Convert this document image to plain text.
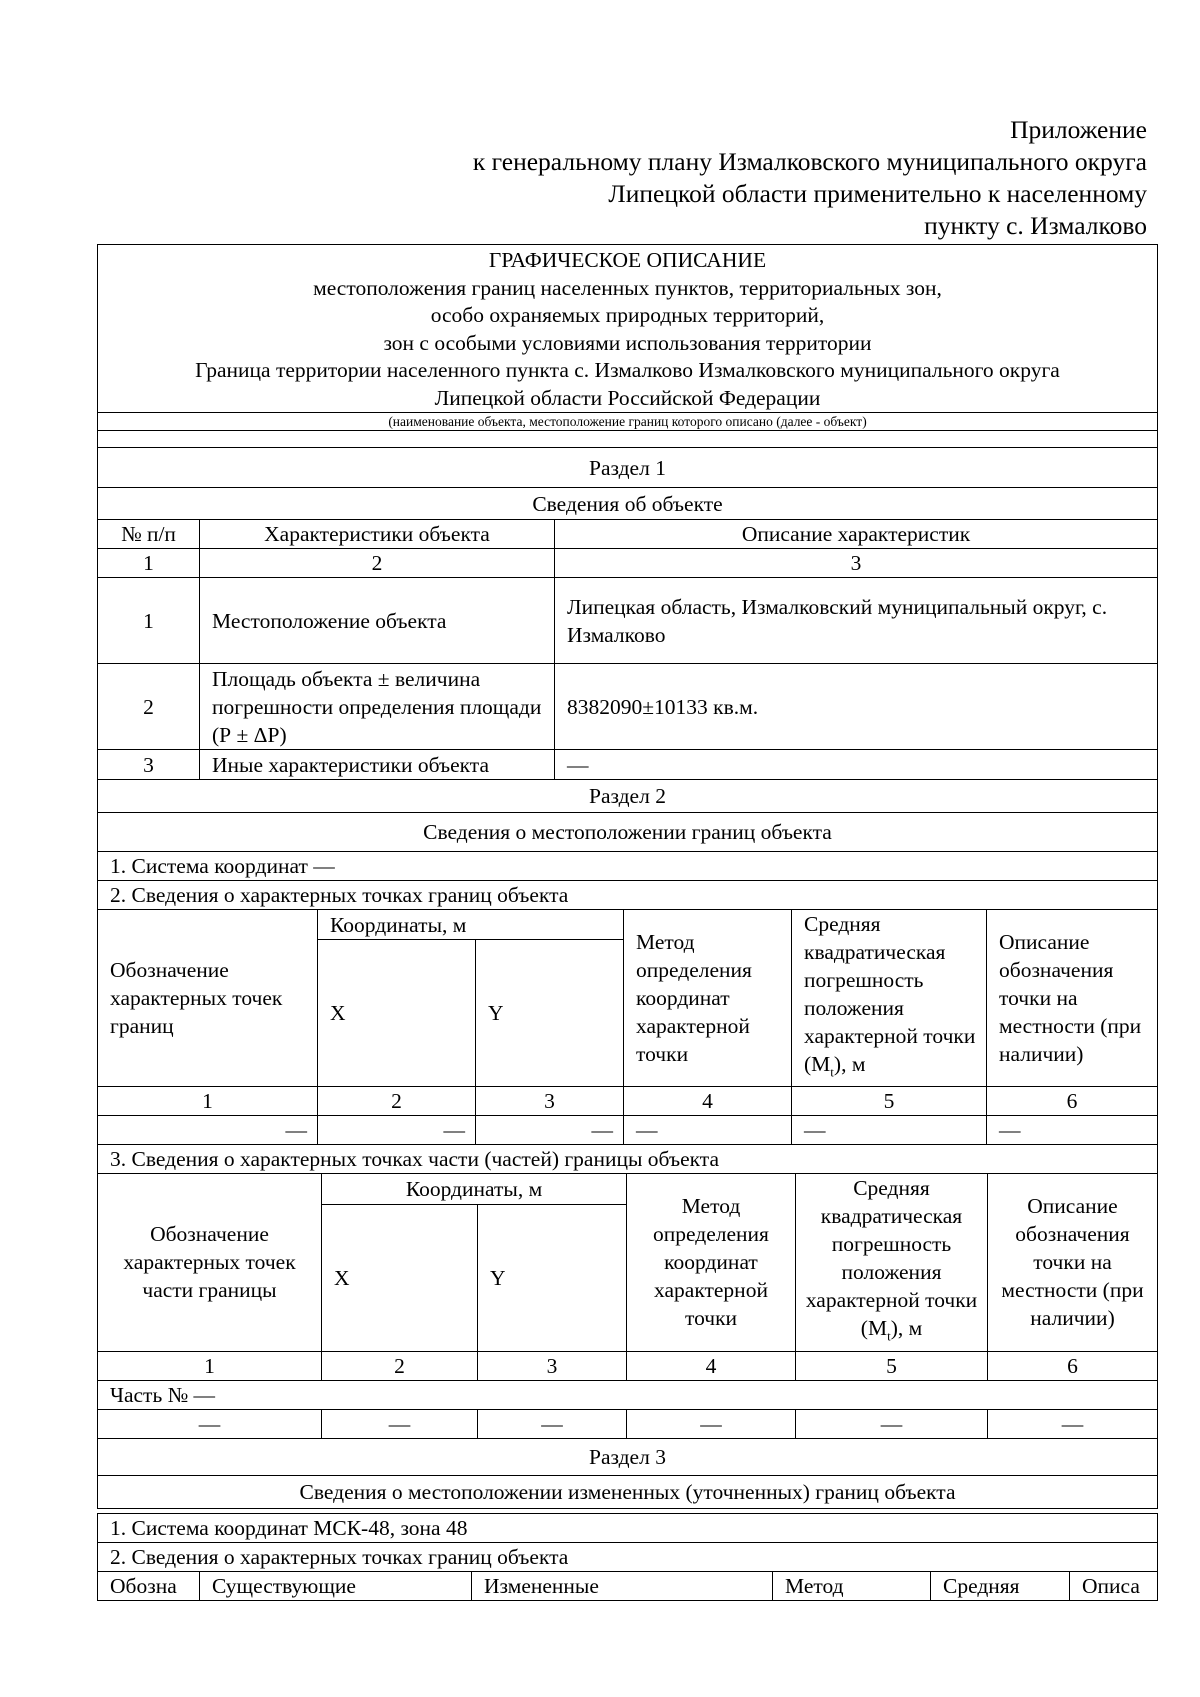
Приложение
к генеральному плану Измалковского муниципального округа
Липецкой области применительно к населенному
пункту с. Измалково
ГРАФИЧЕСКОЕ ОПИСАНИЕ
местоположения границ населенных пунктов, территориальных зон,
особо охраняемых природных территорий,
зон с особыми условиями использования территории
Граница территории населенного пункта с. Измалково Измалковского муниципального округа
Липецкой области Российской Федерации

(наименование объекта, местоположение границ которого описано (далее - объект)

Раздел 1
Сведения об объекте
№ п/п	Характеристики объекта	Описание характеристик
1	2	3
1	Местоположение объекта	Липецкая область, Измалковский муниципальный округ, с. Измалково
2	Площадь объекта ± величина погрешности определения площади (Р ± ΔР)	8382090±10133 кв.м.
3	Иные характеристики объекта	—
Раздел 2
Сведения о местоположении границ объекта
1. Система координат —
2. Сведения о характерных точках границ объекта
Обозначение характерных точек границ	Координаты, м		Метод определения координат характерной точки	Средняя квадратическая погрешность положения характерной точки $(M_t)$, м	Описание обозначения точки на местности (при наличии)
	X	Y			
1	2	3	4	5	6
—	—	—	—	—	—
3. Сведения о характерных точках части (частей) границы объекта
Обозначение характерных точек части границы	Координаты, м		Метод определения координат характерной точки	Средняя квадратическая погрешность положения характерной точки $(M_t)$, м	Описание обозначения точки на местности (при наличии)
	X	Y			
1	2	3	4	5	6
Часть № —					
—	—	—	—	—	—
Раздел 3
Сведения о местоположении измененных (уточненных) границ объекта
1. Система координат МСК-48, зона 48
2. Сведения о характерных точках границ объекта
Обозна	Существующие	Измененные	Метод	Средняя	Описа
